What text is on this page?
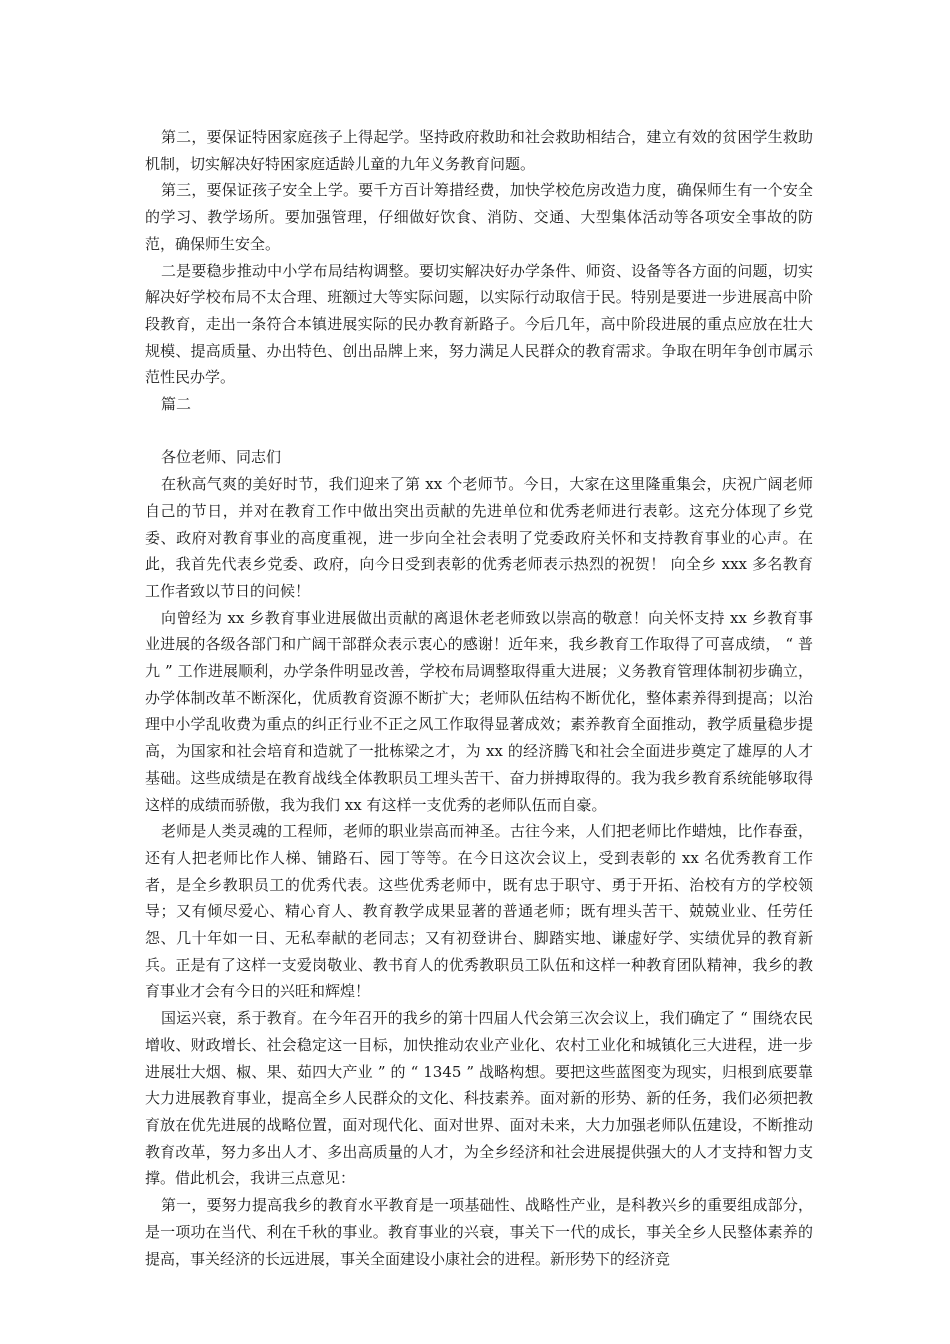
第二，要保证特困家庭孩子上得起学。坚持政府救助和社会救助相结合，建立有效的贫困学生救助机制，切实解决好特困家庭适龄儿童的九年义务教育问题。

第三，要保证孩子安全上学。要千方百计筹措经费，加快学校危房改造力度，确保师生有一个安全的学习、教学场所。要加强管理，仔细做好饮食、消防、交通、大型集体活动等各项安全事故的防范，确保师生安全。

二是要稳步推动中小学布局结构调整。要切实解决好办学条件、师资、设备等各方面的问题，切实解决好学校布局不太合理、班额过大等实际问题，以实际行动取信于民。特别是要进一步进展高中阶段教育，走出一条符合本镇进展实际的民办教育新路子。今后几年，高中阶段进展的重点应放在壮大规模、提高质量、办出特色、创出品牌上来，努力满足人民群众的教育需求。争取在明年争创市属示范性民办学。

篇二

各位老师、同志们

在秋高气爽的美好时节，我们迎来了第 xx 个老师节。今日，大家在这里隆重集会，庆祝广阔老师自己的节日，并对在教育工作中做出突出贡献的先进单位和优秀老师进行表彰。这充分体现了乡党委、政府对教育事业的高度重视，进一步向全社会表明了党委政府关怀和支持教育事业的心声。在此，我首先代表乡党委、政府，向今日受到表彰的优秀老师表示热烈的祝贺！ 向全乡 xxx 多名教育工作者致以节日的问候！

向曾经为 xx 乡教育事业进展做出贡献的离退休老老师致以崇高的敬意！向关怀支持 xx 乡教育事业进展的各级各部门和广阔干部群众表示衷心的感谢！近年来，我乡教育工作取得了可喜成绩， “ 普九 ” 工作进展顺利，办学条件明显改善，学校布局调整取得重大进展；义务教育管理体制初步确立，办学体制改革不断深化，优质教育资源不断扩大；老师队伍结构不断优化，整体素养得到提高；以治理中小学乱收费为重点的纠正行业不正之风工作取得显著成效；素养教育全面推动，教学质量稳步提高，为国家和社会培育和造就了一批栋梁之才，为 xx 的经济腾飞和社会全面进步奠定了雄厚的人才基础。这些成绩是在教育战线全体教职员工埋头苦干、奋力拼搏取得的。我为我乡教育系统能够取得这样的成绩而骄傲，我为我们 xx 有这样一支优秀的老师队伍而自豪。

老师是人类灵魂的工程师，老师的职业崇高而神圣。古往今来，人们把老师比作蜡烛，比作春蚕，还有人把老师比作人梯、铺路石、园丁等等。在今日这次会议上，受到表彰的 xx 名优秀教育工作者，是全乡教职员工的优秀代表。这些优秀老师中，既有忠于职守、勇于开拓、治校有方的学校领导；又有倾尽爱心、精心育人、教育教学成果显著的普通老师；既有埋头苦干、兢兢业业、任劳任怨、几十年如一日、无私奉献的老同志；又有初登讲台、脚踏实地、谦虚好学、实绩优异的教育新兵。正是有了这样一支爱岗敬业、教书育人的优秀教职员工队伍和这样一种教育团队精神，我乡的教育事业才会有今日的兴旺和辉煌！

国运兴衰，系于教育。在今年召开的我乡的第十四届人代会第三次会议上，我们确定了 “ 围绕农民增收、财政增长、社会稳定这一目标，加快推动农业产业化、农村工业化和城镇化三大进程，进一步进展壮大烟、椒、果、茹四大产业 ” 的 “ 1345 ” 战略构想。要把这些蓝图变为现实，归根到底要靠大力进展教育事业，提高全乡人民群众的文化、科技素养。面对新的形势、新的任务，我们必须把教育放在优先进展的战略位置，面对现代化、面对世界、面对未来，大力加强老师队伍建设，不断推动教育改革，努力多出人才、多出高质量的人才，为全乡经济和社会进展提供强大的人才支持和智力支撑。借此机会，我讲三点意见：

第一，要努力提高我乡的教育水平教育是一项基础性、战略性产业，是科教兴乡的重要组成部分，是一项功在当代、利在千秋的事业。教育事业的兴衰，事关下一代的成长，事关全乡人民整体素养的提高，事关经济的长远进展，事关全面建设小康社会的进程。新形势下的经济竞
